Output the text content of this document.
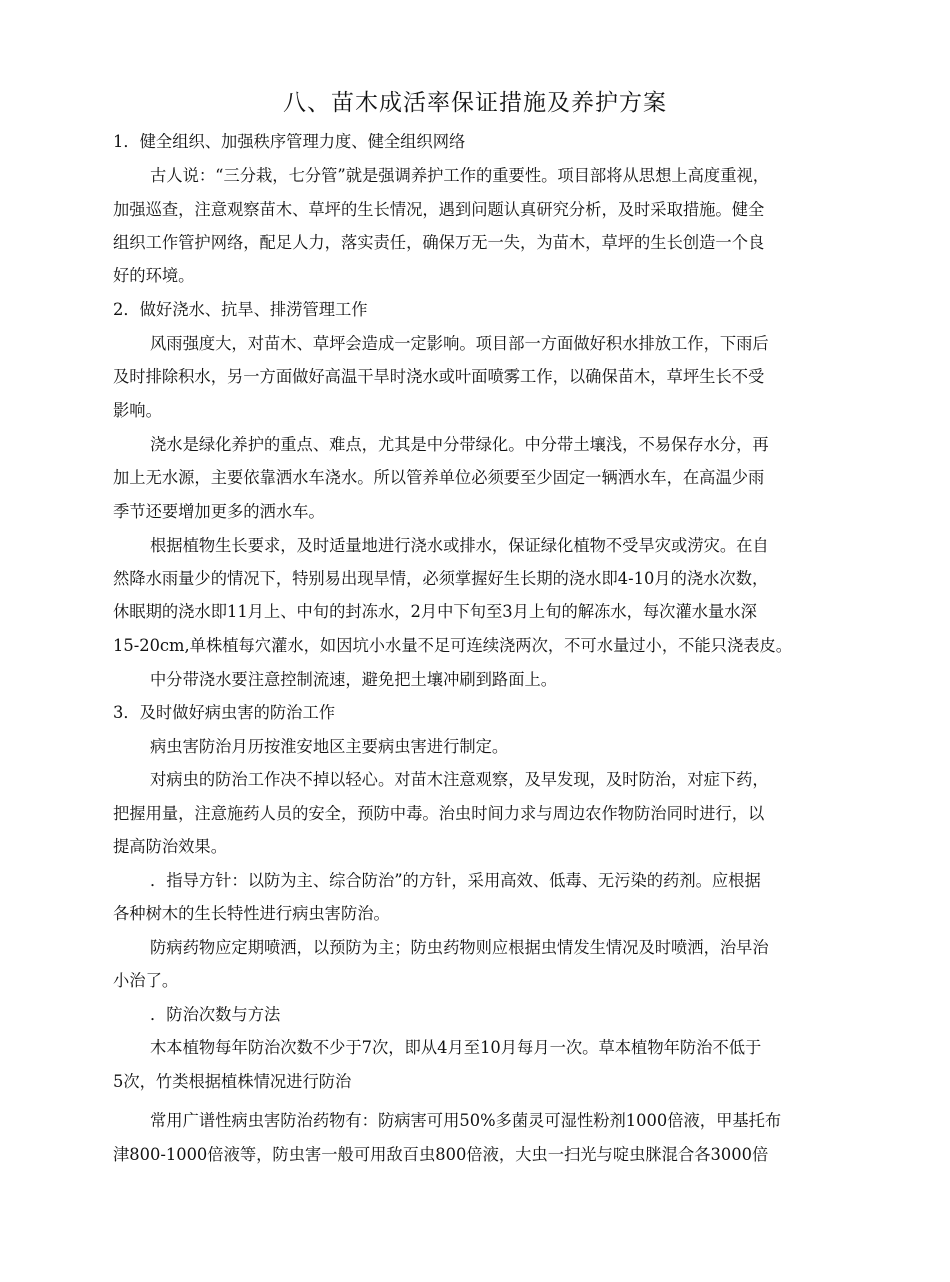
八、苗木成活率保证措施及养护方案
1．健全组织、加强秩序管理力度、健全组织网络
古人说：“三分栽，七分管”就是强调养护工作的重要性。项目部将从思想上高度重视，
加强巡查，注意观察苗木、草坪的生长情况，遇到问题认真研究分析，及时采取措施。健全
组织工作管护网络，配足人力，落实责任，确保万无一失，为苗木，草坪的生长创造一个良
好的环境。
2．做好浇水、抗旱、排涝管理工作
风雨强度大，对苗木、草坪会造成一定影响。项目部一方面做好积水排放工作，下雨后
及时排除积水，另一方面做好高温干旱时浇水或叶面喷雾工作，以确保苗木，草坪生长不受
影响。
浇水是绿化养护的重点、难点，尤其是中分带绿化。中分带土壤浅，不易保存水分，再
加上无水源，主要依靠洒水车浇水。所以管养单位必须要至少固定一辆洒水车，在高温少雨
季节还要增加更多的洒水车。
根据植物生长要求，及时适量地进行浇水或排水，保证绿化植物不受旱灾或涝灾。在自
然降水雨量少的情况下，特别易出现旱情，必须掌握好生长期的浇水即4-10月的浇水次数，
休眠期的浇水即11月上、中旬的封冻水，2月中下旬至3月上旬的解冻水，每次灌水量水深
15-20cm,单株植每穴灌水，如因坑小水量不足可连续浇两次，不可水量过小，不能只浇表皮。
中分带浇水要注意控制流速，避免把土壤冲刷到路面上。
3．及时做好病虫害的防治工作
病虫害防治月历按淮安地区主要病虫害进行制定。
对病虫的防治工作决不掉以轻心。对苗木注意观察，及早发现，及时防治，对症下药，
把握用量，注意施药人员的安全，预防中毒。治虫时间力求与周边农作物防治同时进行，以
提高防治效果。
．指导方针：以防为主、综合防治”的方针，采用高效、低毒、无污染的药剂。应根据
各种树木的生长特性进行病虫害防治。
防病药物应定期喷洒，以预防为主；防虫药物则应根据虫情发生情况及时喷洒，治早治
小治了。
．防治次数与方法
木本植物每年防治次数不少于7次，即从4月至10月每月一次。草本植物年防治不低于
5次，竹类根据植株情况进行防治
常用广谱性病虫害防治药物有：防病害可用50%多菌灵可湿性粉剂1000倍液，甲基托布
津800-1000倍液等，防虫害一般可用敌百虫800倍液，大虫一扫光与啶虫脒混合各3000倍
